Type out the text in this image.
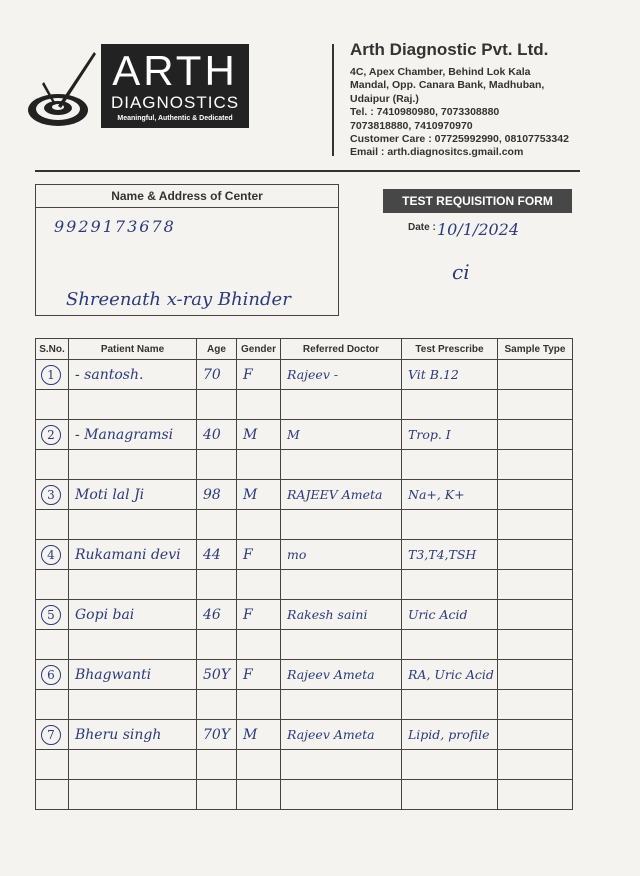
ARTH
DIAGNOSTICS
Meaningful, Authentic & Dedicated
Arth Diagnostic Pvt. Ltd.
4C, Apex Chamber, Behind Lok Kala
Mandal, Opp. Canara Bank, Madhuban,
Udaipur (Raj.)
Tel. : 7410980980, 7073308880
7073818880, 7410970970
Customer Care : 07725992990, 08107753342
Email : arth.diagnositcs.gmail.com
Name & Address of Center
9929173678
Shreenath x-ray Bhinder
TEST REQUISITION FORM
Date : 10/1/2024
ci
S.No.	Patient Name	Age	Gender	Referred Doctor	Test Prescribe	Sample Type
1	- santosh.	70	F	Rajeev -	Vit B.12	

2	- Managramsi	40	M	M	Trop. I	

3	Moti lal Ji	98	M	RAJEEV Ameta	Na+, K+	

4	Rukamani devi	44	F	mo	T3,T4,TSH	

5	Gopi bai	46	F	Rakesh saini	Uric Acid	

6	Bhagwanti	50Y	F	Rajeev Ameta	RA, Uric Acid	

7	Bheru singh	70Y	M	Rajeev Ameta	Lipid, profile	
